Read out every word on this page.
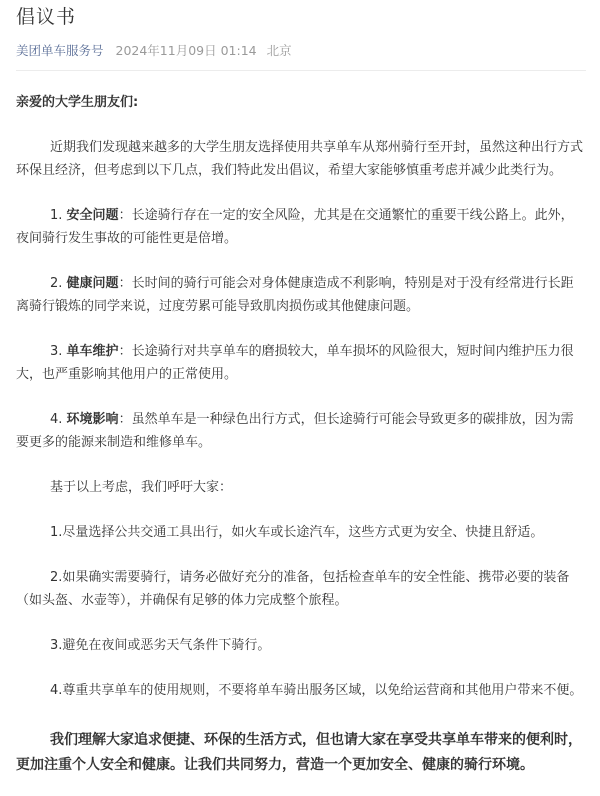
倡议书
美团单车服务号 2024年11月09日 01:14 北京

亲爱的大学生朋友们:

近期我们发现越来越多的大学生朋友选择使用共享单车从郑州骑行至开封，虽然这种出行方式环保且经济，但考虑到以下几点，我们特此发出倡议，希望大家能够慎重考虑并减少此类行为。

1. 安全问题：长途骑行存在一定的安全风险，尤其是在交通繁忙的重要干线公路上。此外，夜间骑行发生事故的可能性更是倍增。

2. 健康问题：长时间的骑行可能会对身体健康造成不利影响，特别是对于没有经常进行长距离骑行锻炼的同学来说，过度劳累可能导致肌肉损伤或其他健康问题。

3. 单车维护：长途骑行对共享单车的磨损较大，单车损坏的风险很大，短时间内维护压力很大，也严重影响其他用户的正常使用。

4. 环境影响：虽然单车是一种绿色出行方式，但长途骑行可能会导致更多的碳排放，因为需要更多的能源来制造和维修单车。

基于以上考虑，我们呼吁大家：

1.尽量选择公共交通工具出行，如火车或长途汽车，这些方式更为安全、快捷且舒适。

2.如果确实需要骑行，请务必做好充分的准备，包括检查单车的安全性能、携带必要的装备（如头盔、水壶等），并确保有足够的体力完成整个旅程。

3.避免在夜间或恶劣天气条件下骑行。

4.尊重共享单车的使用规则，不要将单车骑出服务区域，以免给运营商和其他用户带来不便。

我们理解大家追求便捷、环保的生活方式，但也请大家在享受共享单车带来的便利时，更加注重个人安全和健康。让我们共同努力，营造一个更加安全、健康的骑行环境。
